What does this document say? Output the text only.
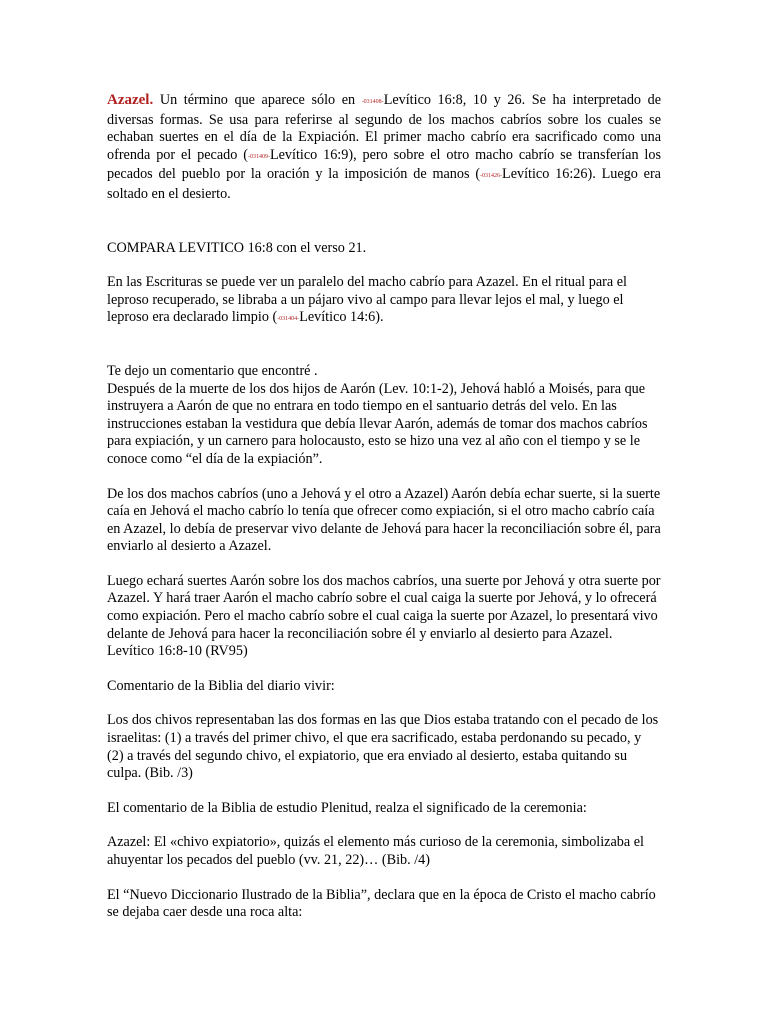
Azazel. Un término que aparece sólo en -031408-Levítico 16:8, 10 y 26. Se ha interpretado de diversas formas. Se usa para referirse al segundo de los machos cabríos sobre los cuales se echaban suertes en el día de la Expiación. El primer macho cabrío era sacrificado como una ofrenda por el pecado (-031409-Levítico 16:9), pero sobre el otro macho cabrío se transferían los pecados del pueblo por la oración y la imposición de manos (-031426-Levítico 16:26). Luego era soltado en el desierto.

COMPARA LEVITICO 16:8 con el verso 21.

En las Escrituras se puede ver un paralelo del macho cabrío para Azazel. En el ritual para el leproso recuperado, se libraba a un pájaro vivo al campo para llevar lejos el mal, y luego el leproso era declarado limpio (-031404-Levítico 14:6).

Te dejo un comentario que encontré .

Después de la muerte de los dos hijos de Aarón (Lev. 10:1-2), Jehová habló a Moisés, para que instruyera a Aarón de que no entrara en todo tiempo en el santuario detrás del velo. En las instrucciones estaban la vestidura que debía llevar Aarón, además de tomar dos machos cabríos para expiación, y un carnero para holocausto, esto se hizo una vez al año con el tiempo y se le conoce como “el día de la expiación”.

De los dos machos cabríos (uno a Jehová y el otro a Azazel) Aarón debía echar suerte, si la suerte caía en Jehová el macho cabrío lo tenía que ofrecer como expiación, si el otro macho cabrío caía en Azazel, lo debía de preservar vivo delante de Jehová para hacer la reconciliación sobre él, para enviarlo al desierto a Azazel.

Luego echará suertes Aarón sobre los dos machos cabríos, una suerte por Jehová y otra suerte por Azazel. Y hará traer Aarón el macho cabrío sobre el cual caiga la suerte por Jehová, y lo ofrecerá como expiación. Pero el macho cabrío sobre el cual caiga la suerte por Azazel, lo presentará vivo delante de Jehová para hacer la reconciliación sobre él y enviarlo al desierto para Azazel. Levítico 16:8-10 (RV95)

Comentario de la Biblia del diario vivir:

Los dos chivos representaban las dos formas en las que Dios estaba tratando con el pecado de los israelitas: (1) a través del primer chivo, el que era sacrificado, estaba perdonando su pecado, y (2) a través del segundo chivo, el expiatorio, que era enviado al desierto, estaba quitando su culpa. (Bib. /3)

El comentario de la Biblia de estudio Plenitud, realza el significado de la ceremonia:

Azazel: El «chivo expiatorio», quizás el elemento más curioso de la ceremonia, simbolizaba el ahuyentar los pecados del pueblo (vv. 21, 22)… (Bib. /4)

El “Nuevo Diccionario Ilustrado de la Biblia”, declara que en la época de Cristo el macho cabrío se dejaba caer desde una roca alta:
